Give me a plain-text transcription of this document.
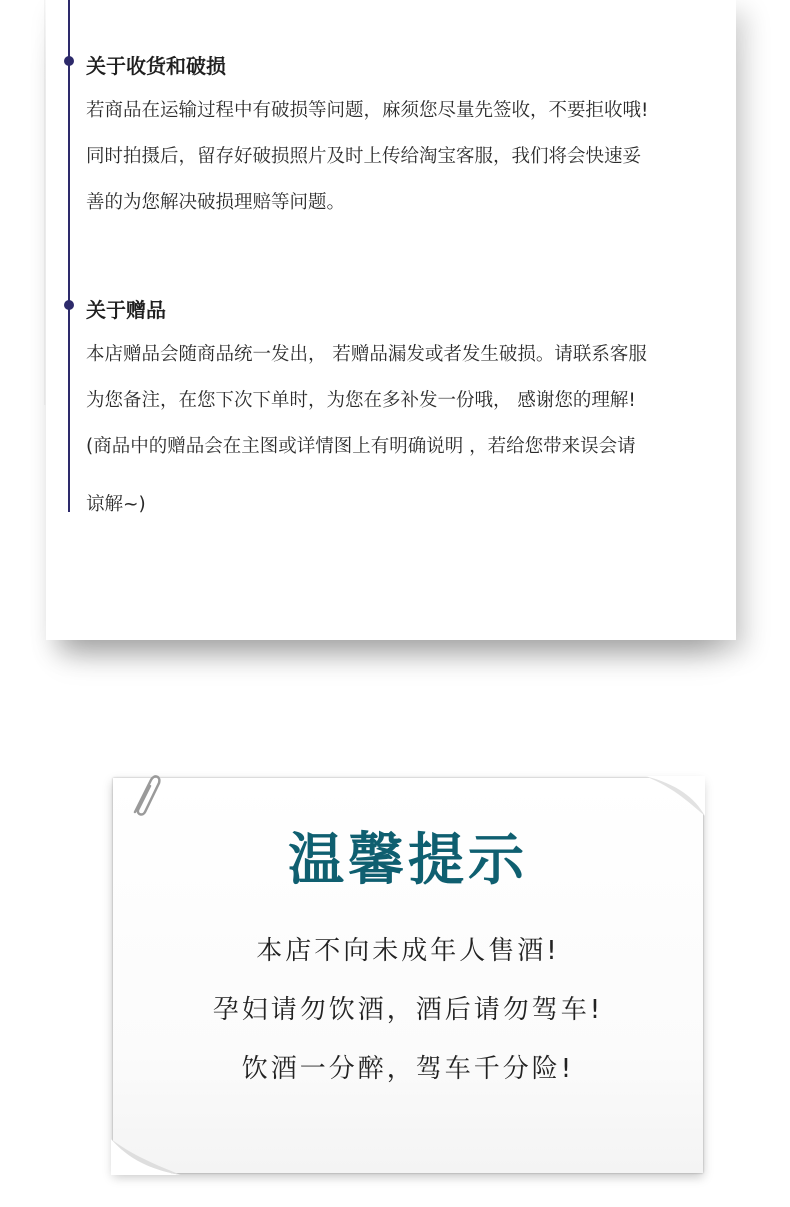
关于收货和破损
若商品在运输过程中有破损等问题，麻须您尽量先签收，不要拒收哦!
同时拍摄后，留存好破损照片及时上传给淘宝客服，我们将会快速妥
善的为您解决破损理赔等问题。
关于赠品
本店赠品会随商品统一发出， 若赠品漏发或者发生破损。请联系客服
为您备注，在您下次下单时，为您在多补发一份哦， 感谢您的理解!
(商品中的赠品会在主图或详情图上有明确说明 ，若给您带来误会请
谅解~)
温馨提示

本店不向未成年人售酒!

孕妇请勿饮酒，酒后请勿驾车!

饮酒一分醉，驾车千分险!
